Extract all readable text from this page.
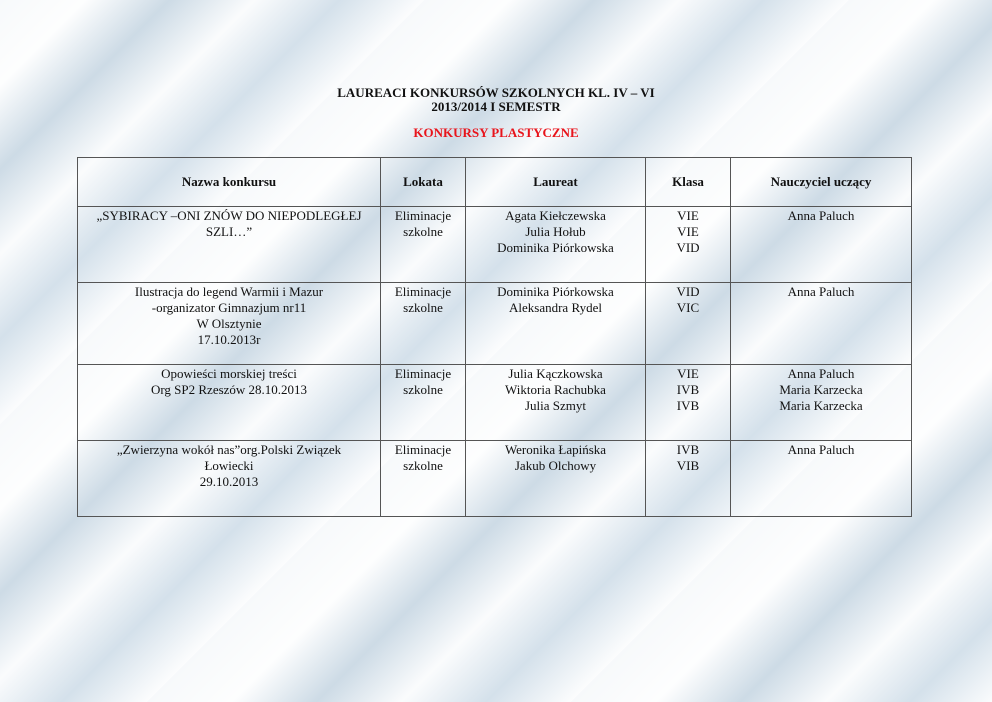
LAUREACI KONKURSÓW SZKOLNYCH KL. IV – VI
2013/2014 I SEMESTR
KONKURSY PLASTYCZNE
Nazwa konkursu	Lokata	Laureat	Klasa	Nauczyciel uczący

„SYBIRACY –ONI ZNÓW DO NIEPODLEGŁEJ
SZLI…”	Eliminacje
szkolne	Agata Kiełczewska
Julia Hołub
Dominika Piórkowska	VIE
VIE
VID	Anna Paluch

Ilustracja do legend Warmii i Mazur
-organizator Gimnazjum nr11
W Olsztynie
17.10.2013r	Eliminacje
szkolne	Dominika Piórkowska
Aleksandra Rydel	VID
VIC	Anna Paluch

Opowieści morskiej treści
Org SP2 Rzeszów 28.10.2013	Eliminacje
szkolne	Julia Kączkowska
Wiktoria Rachubka
Julia Szmyt	VIE
IVB
IVB	Anna Paluch
Maria Karzecka
Maria Karzecka

„Zwierzyna wokół nas”org.Polski Związek
Łowiecki
29.10.2013	Eliminacje
szkolne	Weronika Łapińska
Jakub Olchowy	IVB
VIB	Anna Paluch
